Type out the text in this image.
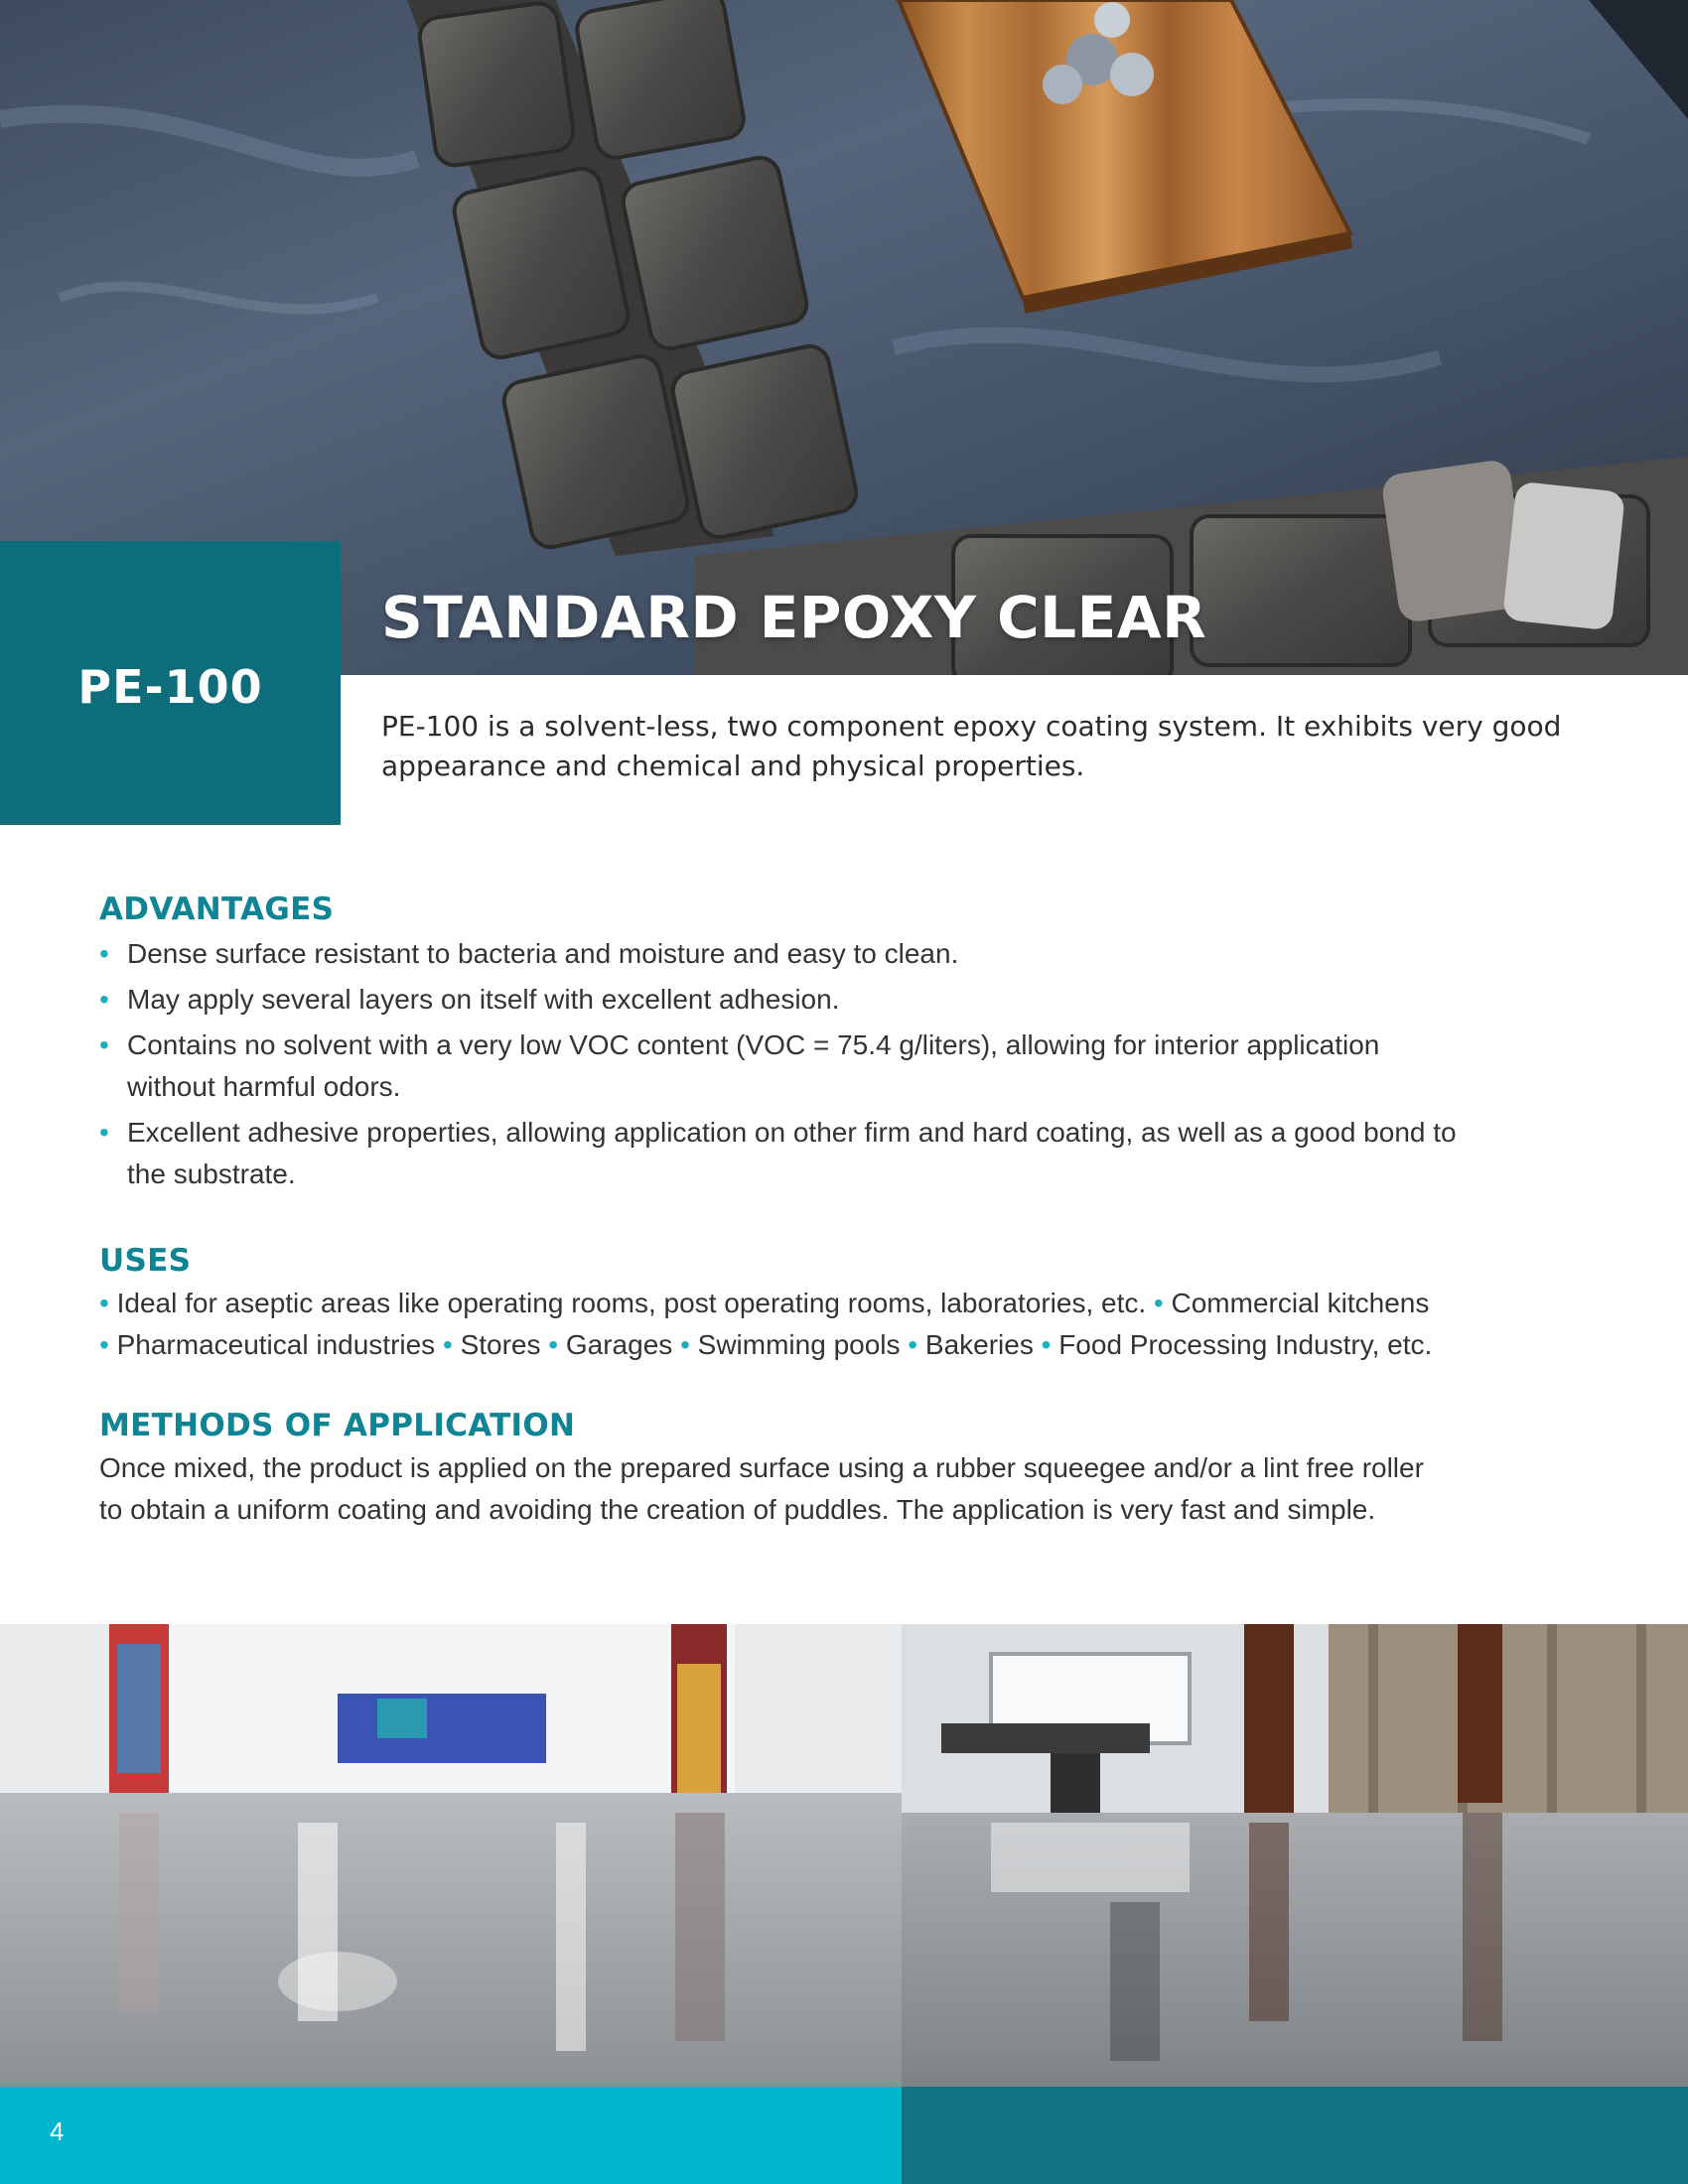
PE-100
STANDARD EPOXY CLEAR

PE-100 is a solvent-less, two component epoxy coating system. It exhibits very good appearance and chemical and physical properties.

ADVANTAGES
• Dense surface resistant to bacteria and moisture and easy to clean.
• May apply several layers on itself with excellent adhesion.
• Contains no solvent with a very low VOC content (VOC = 75.4 g/liters), allowing for interior application without harmful odors.
• Excellent adhesive properties, allowing application on other firm and hard coating, as well as a good bond to the substrate.
USES

• Ideal for aseptic areas like operating rooms, post operating rooms, laboratories, etc. • Commercial kitchens
• Pharmaceutical industries • Stores • Garages • Swimming pools • Bakeries • Food Processing Industry, etc.

METHODS OF APPLICATION

Once mixed, the product is applied on the prepared surface using a rubber squeegee and/or a lint free roller to obtain a uniform coating and avoiding the creation of puddles. The application is very fast and simple.

4
